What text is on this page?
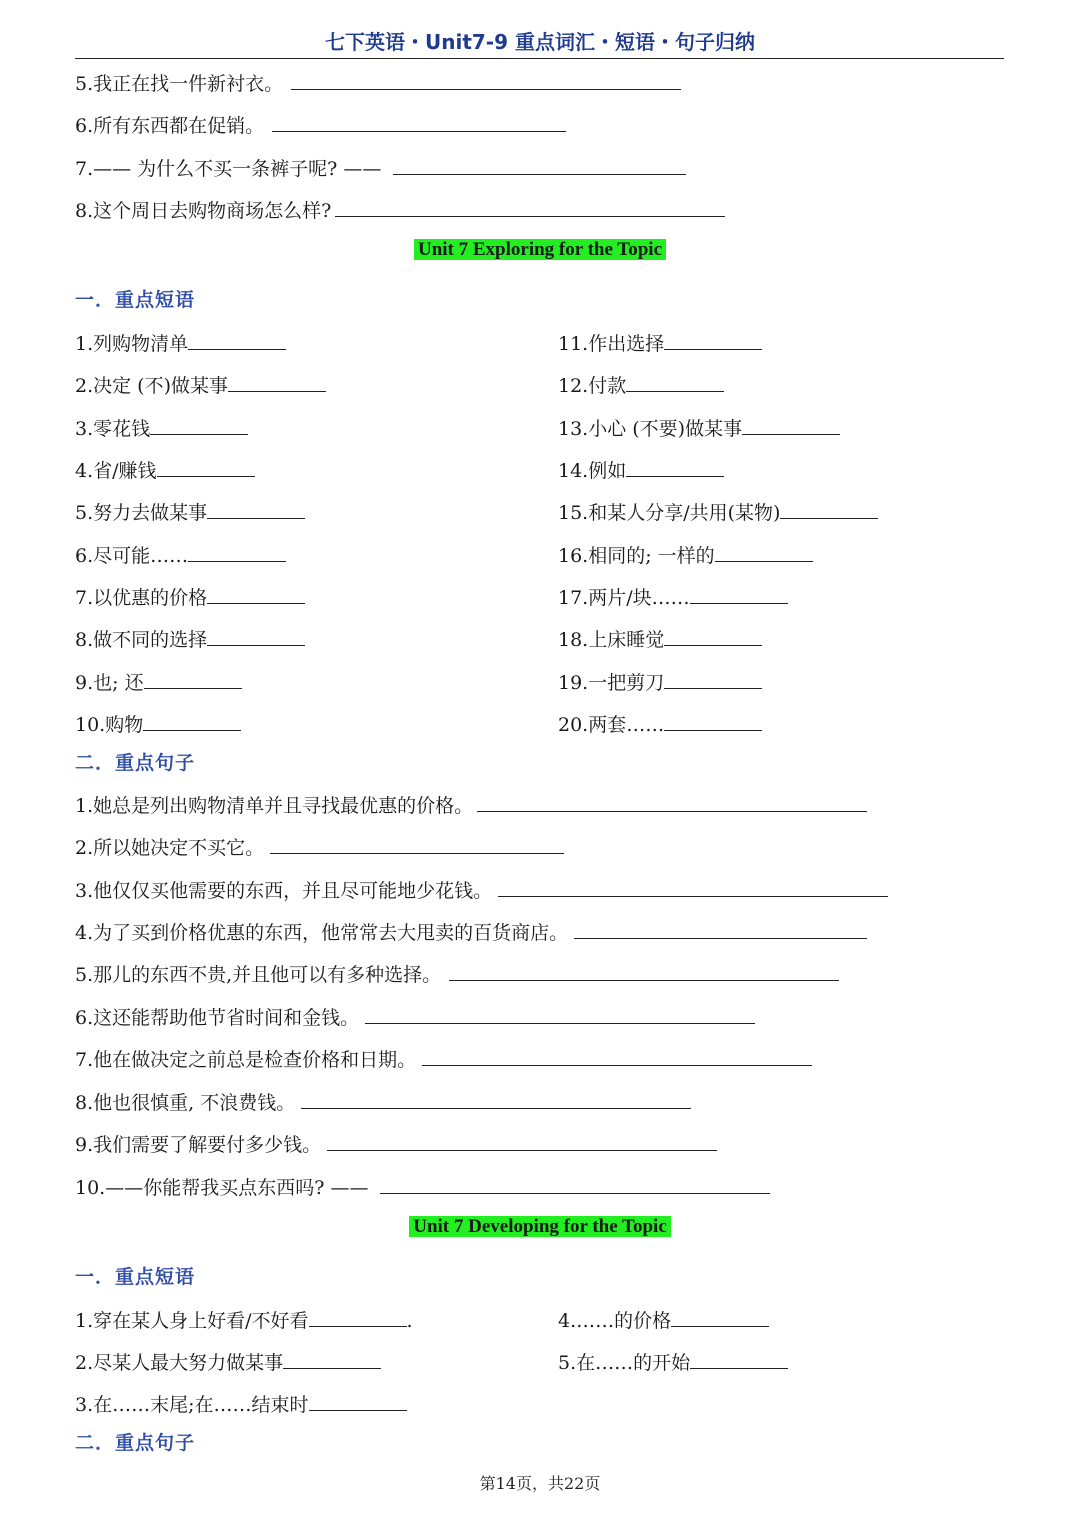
七下英语・Unit7-9 重点词汇・短语・句子归纳
5.我正在找一件新衬衣。
6.所有东西都在促销。
7.—— 为什么不买一条裤子呢? ——
8.这个周日去购物商场怎么样?
Unit 7 Exploring for the Topic
一．重点短语
1.列购物清单
2.决定 (不)做某事
3.零花钱
4.省/赚钱
5.努力去做某事
6.尽可能……
7.以优惠的价格
8.做不同的选择
9.也; 还
10.购物
11.作出选择
12.付款
13.小心 (不要)做某事
14.例如
15.和某人分享/共用(某物)
16.相同的; 一样的
17.两片/块……
18.上床睡觉
19.一把剪刀
20.两套……
二．重点句子
1.她总是列出购物清单并且寻找最优惠的价格。
2.所以她决定不买它。
3.他仅仅买他需要的东西，并且尽可能地少花钱。
4.为了买到价格优惠的东西，他常常去大甩卖的百货商店。
5.那儿的东西不贵,并且他可以有多种选择。
6.这还能帮助他节省时间和金钱。
7.他在做决定之前总是检查价格和日期。
8.他也很慎重, 不浪费钱。
9.我们需要了解要付多少钱。
10.——你能帮我买点东西吗? ——
Unit 7 Developing for the Topic
一．重点短语
1.穿在某人身上好看/不好看	.
2.尽某人最大努力做某事
3.在……末尾;在……结束时
4.……的价格
5.在……的开始
二．重点句子
第14页，共22页
